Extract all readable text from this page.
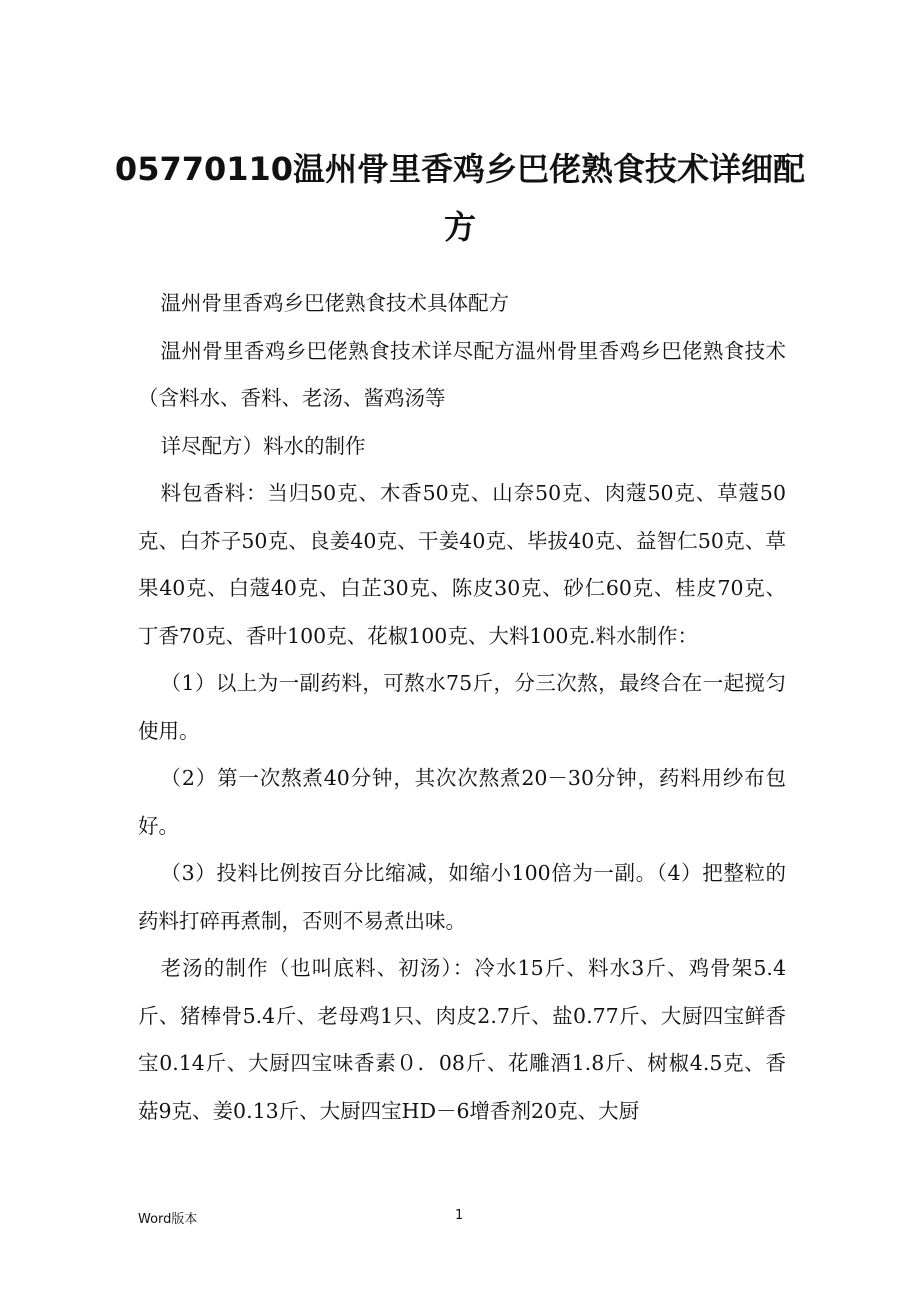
05770110温州骨里香鸡乡巴佬熟食技术详细配方

温州骨里香鸡乡巴佬熟食技术具体配方

温州骨里香鸡乡巴佬熟食技术详尽配方温州骨里香鸡乡巴佬熟食技术（含料水、香料、老汤、酱鸡汤等

详尽配方）料水的制作

料包香料：当归50克、木香50克、山奈50克、肉蔻50克、草蔻50克、白芥子50克、良姜40克、干姜40克、毕拔40克、益智仁50克、草果40克、白蔻40克、白芷30克、陈皮30克、砂仁60克、桂皮70克、丁香70克、香叶100克、花椒100克、大料100克.料水制作：

（1）以上为一副药料，可熬水75斤，分三次熬，最终合在一起搅匀使用。

（2）第一次熬煮40分钟，其次次熬煮20－30分钟，药料用纱布包好。

（3）投料比例按百分比缩减，如缩小100倍为一副。（4）把整粒的药料打碎再煮制，否则不易煮出味。

老汤的制作（也叫底料、初汤）：冷水15斤、料水3斤、鸡骨架5.4斤、猪棒骨5.4斤、老母鸡1只、肉皮2.7斤、盐0.77斤、大厨四宝鲜香宝0.14斤、大厨四宝味香素０．08斤、花雕酒1.8斤、树椒4.5克、香菇9克、姜0.13斤、大厨四宝HD－6增香剂20克、大厨

Word版本	1
